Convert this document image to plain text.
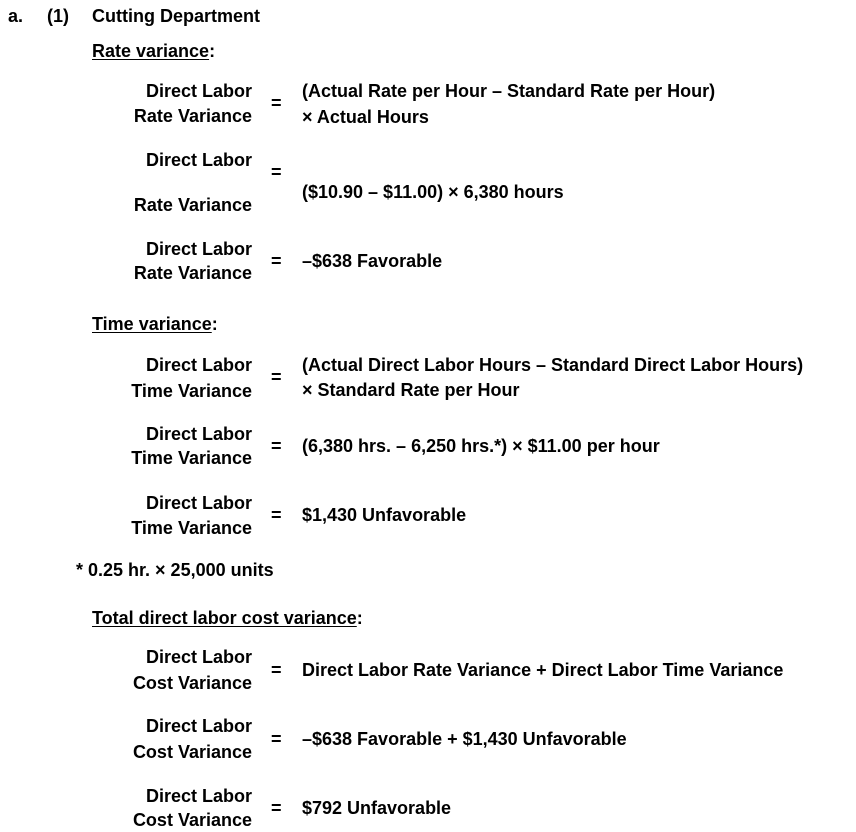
a. (1) Cutting Department
Rate variance:
Direct Labor
Rate Variance
=
(Actual Rate per Hour – Standard Rate per Hour)
× Actual Hours
Direct Labor
Rate Variance
=
($10.90 – $11.00) × 6,380 hours
Direct Labor
Rate Variance
= –$638 Favorable
Time variance:
Direct Labor
Time Variance
=
(Actual Direct Labor Hours – Standard Direct Labor Hours)
× Standard Rate per Hour
Direct Labor
Time Variance
= (6,380 hrs. – 6,250 hrs.*) × $11.00 per hour
Direct Labor
Time Variance
= $1,430 Unfavorable
* 0.25 hr. × 25,000 units
Total direct labor cost variance:
Direct Labor
Cost Variance
= Direct Labor Rate Variance + Direct Labor Time Variance
Direct Labor
Cost Variance
= –$638 Favorable + $1,430 Unfavorable
Direct Labor
Cost Variance
= $792 Unfavorable
